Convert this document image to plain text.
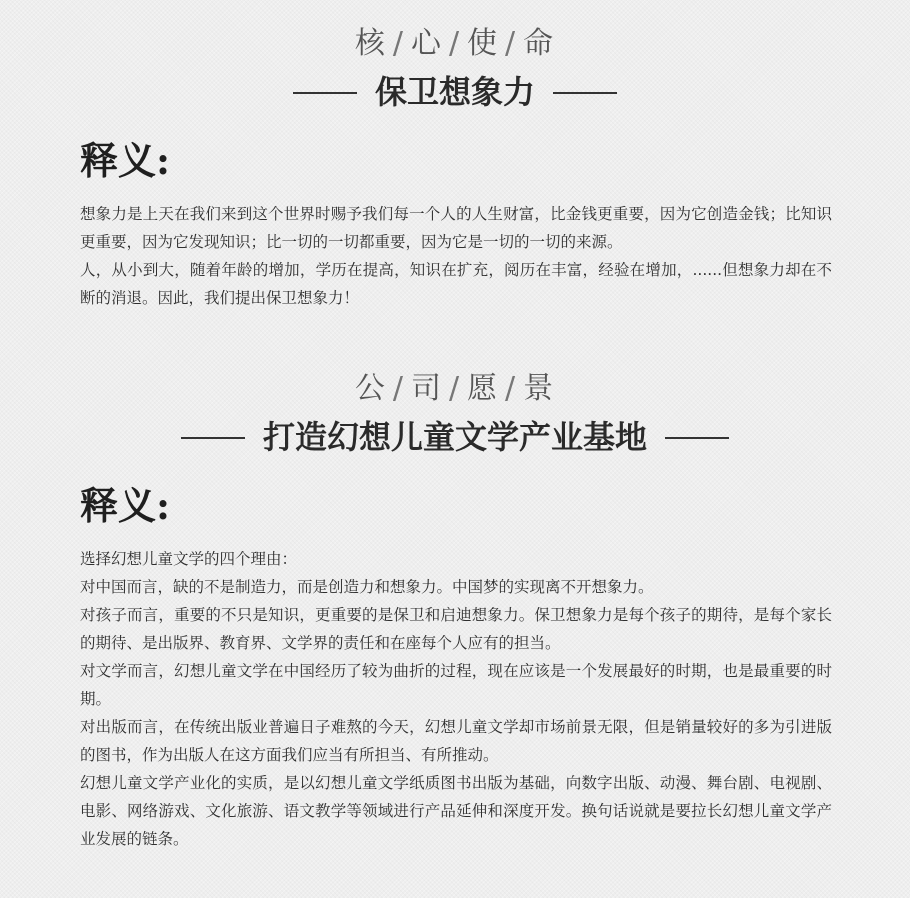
核 / 心 / 使 / 命
保卫想象力
释义:

想象力是上天在我们来到这个世界时赐予我们每一个人的人生财富，比金钱更重要，因为它创造金钱；比知识更重要，因为它发现知识；比一切的一切都重要，因为它是一切的一切的来源。

人，从小到大，随着年龄的增加，学历在提高，知识在扩充，阅历在丰富，经验在增加，......但想象力却在不断的消退。因此，我们提出保卫想象力！

公 / 司 / 愿 / 景
打造幻想儿童文学产业基地
释义:

选择幻想儿童文学的四个理由：

对中国而言，缺的不是制造力，而是创造力和想象力。中国梦的实现离不开想象力。

对孩子而言，重要的不只是知识，更重要的是保卫和启迪想象力。保卫想象力是每个孩子的期待，是每个家长的期待、是出版界、教育界、文学界的责任和在座每个人应有的担当。

对文学而言，幻想儿童文学在中国经历了较为曲折的过程，现在应该是一个发展最好的时期，也是最重要的时期。

对出版而言，在传统出版业普遍日子难熬的今天，幻想儿童文学却市场前景无限，但是销量较好的多为引进版的图书，作为出版人在这方面我们应当有所担当、有所推动。

幻想儿童文学产业化的实质，是以幻想儿童文学纸质图书出版为基础，向数字出版、动漫、舞台剧、电视剧、电影、网络游戏、文化旅游、语文教学等领域进行产品延伸和深度开发。换句话说就是要拉长幻想儿童文学产业发展的链条。
